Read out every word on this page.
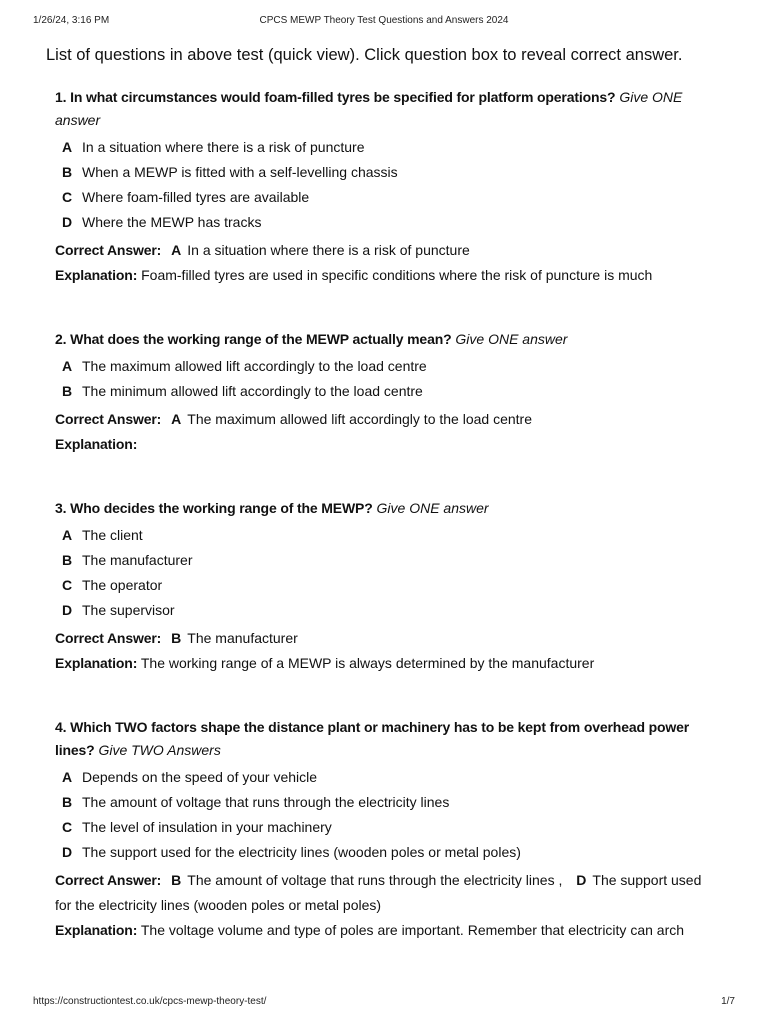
1/26/24, 3:16 PM	CPCS MEWP Theory Test Questions and Answers 2024
List of questions in above test (quick view). Click question box to reveal correct answer.
1. In what circumstances would foam-filled tyres be specified for platform operations? Give ONE answer
A In a situation where there is a risk of puncture
B When a MEWP is fitted with a self-levelling chassis
C Where foam-filled tyres are available
D Where the MEWP has tracks
Correct Answer: A In a situation where there is a risk of puncture
Explanation: Foam-filled tyres are used in specific conditions where the risk of puncture is much
2. What does the working range of the MEWP actually mean? Give ONE answer
A The maximum allowed lift accordingly to the load centre
B The minimum allowed lift accordingly to the load centre
Correct Answer: A The maximum allowed lift accordingly to the load centre
Explanation:
3. Who decides the working range of the MEWP? Give ONE answer
A The client
B The manufacturer
C The operator
D The supervisor
Correct Answer: B The manufacturer
Explanation: The working range of a MEWP is always determined by the manufacturer
4. Which TWO factors shape the distance plant or machinery has to be kept from overhead power lines? Give TWO Answers
A Depends on the speed of your vehicle
B The amount of voltage that runs through the electricity lines
C The level of insulation in your machinery
D The support used for the electricity lines (wooden poles or metal poles)
Correct Answer: B The amount of voltage that runs through the electricity lines , D The support used for the electricity lines (wooden poles or metal poles)
Explanation: The voltage volume and type of poles are important. Remember that electricity can arch
https://constructiontest.co.uk/cpcs-mewp-theory-test/	1/7
